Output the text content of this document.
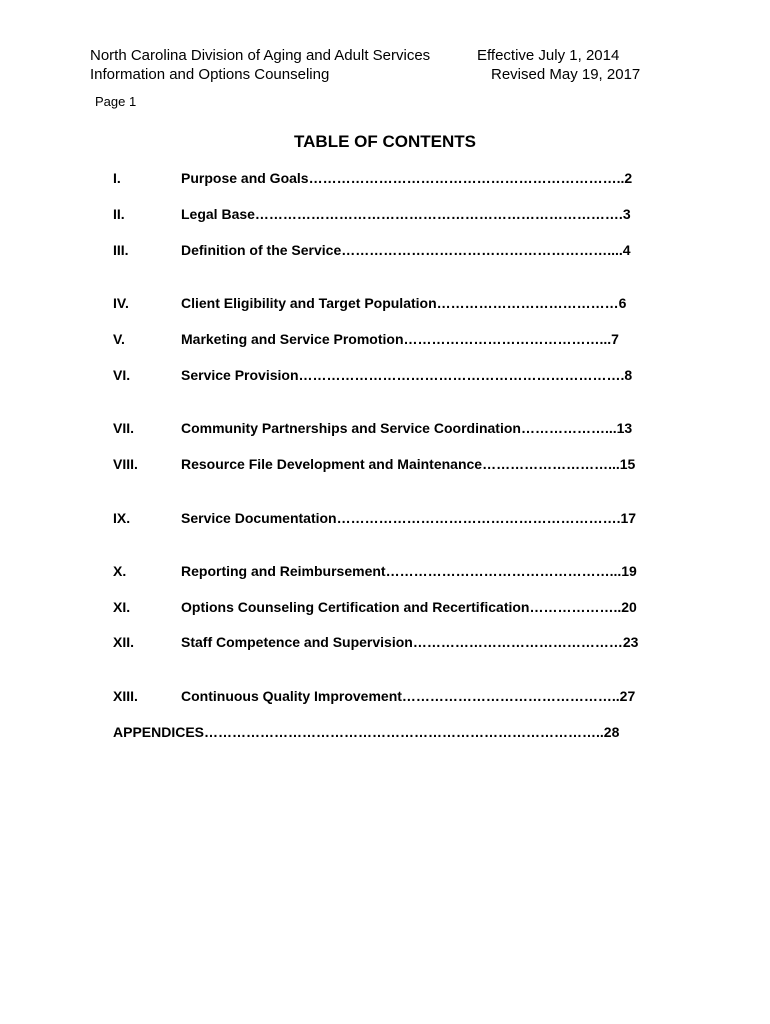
North Carolina Division of Aging and Adult Services
Information and Options Counseling
Effective July 1, 2014
Revised May 19, 2017
Page 1
TABLE OF CONTENTS
I.	Purpose and Goals…………………………………………………………..2
II.	Legal Base…………………………………………………………………….3
III.	Definition of the Service…………………………………………………....4
IV.	Client Eligibility and Target Population…………………………………6
V.	Marketing and Service Promotion……………………………………...7
VI.	Service Provision…………………………………………………………….8
VII.	Community Partnerships and Service Coordination………………...13
VIII.	Resource File Development and Maintenance………………………...15
IX.	Service Documentation…………………………………………………….17
X.	Reporting and Reimbursement…………………………………………...19
XI.	Options Counseling Certification and Recertification………………..20
XII.	Staff Competence and Supervision………………………………………23
XIII.	Continuous Quality Improvement………………………………………..27
APPENDICES…………………………………………………………………………..28
